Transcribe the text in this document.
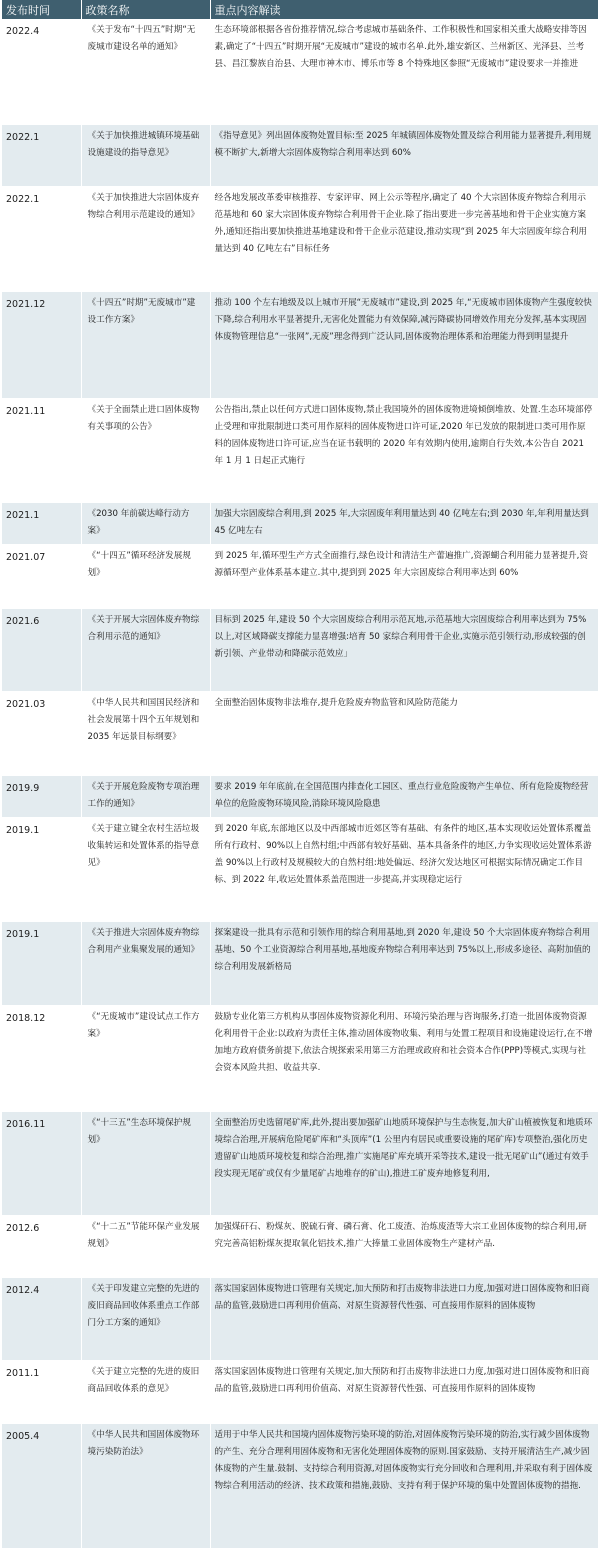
发布时间	政策名称	重点内容解读
2022.4	《关于发布“十四五”时期“无废城市建设名单的通知》	生态环境部根据各省份推荐情况,综合考虑城市基础条件、工作积极性和国家相关重大战略安排等因素,确定了“十四五”时期开展“无废城市”建设的城市名单.此外,雄安新区、兰州新区、光泽县、兰考县、昌江黎族自治县、大理市神木市、博乐市等 8 个特殊地区参照“无废城市”建设要求一并推进
2022.1	《关于加快推进城镇环境基础设施建设的指导意见》	《指导意见》列出固体废物处置目标:至 2025 年城镇固体废物处置及综合利用能力显著提升,利用规模不断扩大,新增大宗固体废物综合利用率达到 60%
2022.1	《关于加快推进大宗固体废弃物综合利用示范建设的通知》	经各地发展改革委审核推荐、专家评审、网上公示等程序,确定了 40 个大宗固体废弃物综合利用示范基地和 60 家大宗固体废弃物综合利用骨干企业.除了指出要进一步完善基地和骨干企业实施方案外,通知还指出要加快推进基地建设和骨干企业示范建设,推动实现“到 2025 年大宗固废年综合利用量达到 40 亿吨左右”目标任务
2021.12	《十四五”时期”无废城市”建设工作方案》	推动 100 个左右地级及以上城市开展“无废城市”建设,到 2025 年,“无废城市固体废物产生强度较快下降,综合利用水平显著提升,无害化处置能力有效保障,减污降碳协同增效作用充分发挥,基本实现固体废物管理信息“一张网”,无废”理念得到广泛认同,固体废物治理体系和治理能力得到明显提升
2021.11	《关于全面禁止进口固体废物有关事项的公告》	公告指出,禁止以任何方式进口固体废物,禁止我国境外的固体废物进境倾倒堆放、处置.生态环境部停止受理和审批限制进口类可用作原料的固体废物进口许可证,2020 年已发放的限制进口类可用作原料的固体废物进口许可证,应当在证书载明的 2020 年有效期内使用,逾期自行失效,本公告自 2021 年 1 月 1 日起正式施行
2021.1	《2030 年前碳达峰行动方案》	加强大宗固废综合利用,到 2025 年,大宗固废年利用量达到 40 亿吨左右;到 2030 年,年利用量达到 45 亿吨左右
2021.07	《“十四五”循环经济发展规划》	到 2025 年,循环型生产方式全面推行,绿色设计和清洁生产蕾遍推广,资源蝴合利用能力显著提升,资源循环型产业体系基本建立.其中,提到到 2025 年大宗固废综合利用率达到 60%
2021.6	《关于开展大宗固体废弃物综合利用示范的通知》	目标到 2025 年,建设 50 个大宗固废综合利用示范瓦地,示范基地大宗固废综合利用率达到为 75%以上,对区域降碳支撑能力显喜增强:培育 50 家综合利用骨干企业,实施示范引领行动,形成较强的创新引领、产业带动和降碳示范效应」
2021.03	《中华人民共和国国民经济和社会发展第十四个五年规划和 2035 年远景目标纲要》	全面整治固体废物非法堆存,提升危险废弃物监管和风险防范能力
2019.9	《关于开展危险废物专项治理工作的通知》	要求 2019 年年底前,在全国范围内排查化工园区、重点行业危险废物产生单位、所有危险废物经营单位的危险废物环境风险,消除环境风险隐患
2019.1	《关于建立键全农村生活垃圾收集转运和处置体系的指导意见》	到 2020 年底,东部地区以及中西部城市近郊区等有基础、有条件的地区,基本实现收运处置体系覆盖所有行政村、90%以上自然村组;中西部有较好基础、基本具备条件的地区,力争实现收运处置体系游盖 90%以上行政村及规模较大的自然村组:地处偏远、经济欠发达地区可根据实际情况确定工作目标、到 2022 年,收运处置体系盖范围进一步提高,并实现稳定运行
2019.1	《关于推进大宗固体废弃物综合利用产业集聚发展的通知》	探案建设一批具有示范和引领作用的综合利用基地,到 2020 年,建设 50 个大宗固体废弃物综合利用基地、50 个工业资源综合利用基地,基地废弃物综合利用率达到 75%以上,形成多途径、高附加值的综合利用发展新格局
2018.12	《“无废城市”建设试点工作方案》	鼓励专业化第三方机构从事固体废物资源化利用、环境污染治理与咨询服务,打造一批固体废物资源化利用骨干企业:以政府为责任主体,推动固体废物收集、利用与处置工程项目和设施建设运行,在不增加地方政府债务前提下,依法合规探索采用第三方治理或政府和社会资本合作(PPP)等模式,实现与社会资本风险共担、收益共享.
2016.11	《“十三五”生态环境保护规划》	全面整治历史选留尾矿库,此外,提出要加强矿山地质环境保护与生态恢复,加大矿山植被恢复和地质环境综合治理,开展病危险尾矿库和“头顶库”(1 公里内有居民或重要设施的尾矿库)专项整治,强化历史遗留矿山地质环境校复和综合治理,推广实施尾矿库充填开采等技术,建设一批无尾矿山”(通过有效手段实现无尾矿或仅有少量尾矿占地堆存的矿山),推进工矿废弃地修复利用,
2012.6	《“十二五”节能环保产业发展规划》	加强煤矸石、粉煤灰、脱硫石膏、磷石膏、化工废渣、治炼废渣等大宗工业固体废物的综合利用,研究完善高铝粉煤灰提取氧化铝技术,推广大捧量工业固体废物生产建材产品.
2012.4	《关于印发建立完整的先进的废旧商品回收体系重点工作部门分工方案的通知》	落实国家固体废物进口管理有关规定,加大预防和打击废物非法进口力度,加强对进口固体废物和旧商品的监管,鼓励进口再利用价值高、对原生资源替代性强、可直接用作原料的固体废物
2011.1	《关于建立完整的先进的废旧商品回收体系的意见》	落实国家固体废物进口管理有关规定,加大预防和打击废物非法进口力度,加强对进口固体废物和旧商品的监管,鼓励进口再利用价值高、对原生资源替代性强、可直接用作原料的固体废物
2005.4	《中华人民共和国固体废物环境污染防治法》	适用于中华人民共和国境内固体废物污染环境的防治,对固体废物污染环境的防治,实行减少固体废物的产生、充分合理利用固体废物和无害化处理固体废物的原则.国家鼓励、支持开展清洁生产,减少固体废物的产生量.鼓制、支持综合利用资源,对固体废物实行充分回收和合理利用,并采取有利于固体废物综合利用活动的经济、技术政策和措施,鼓励、支持有利于保护环境的集中处置固体废物的措拖.
